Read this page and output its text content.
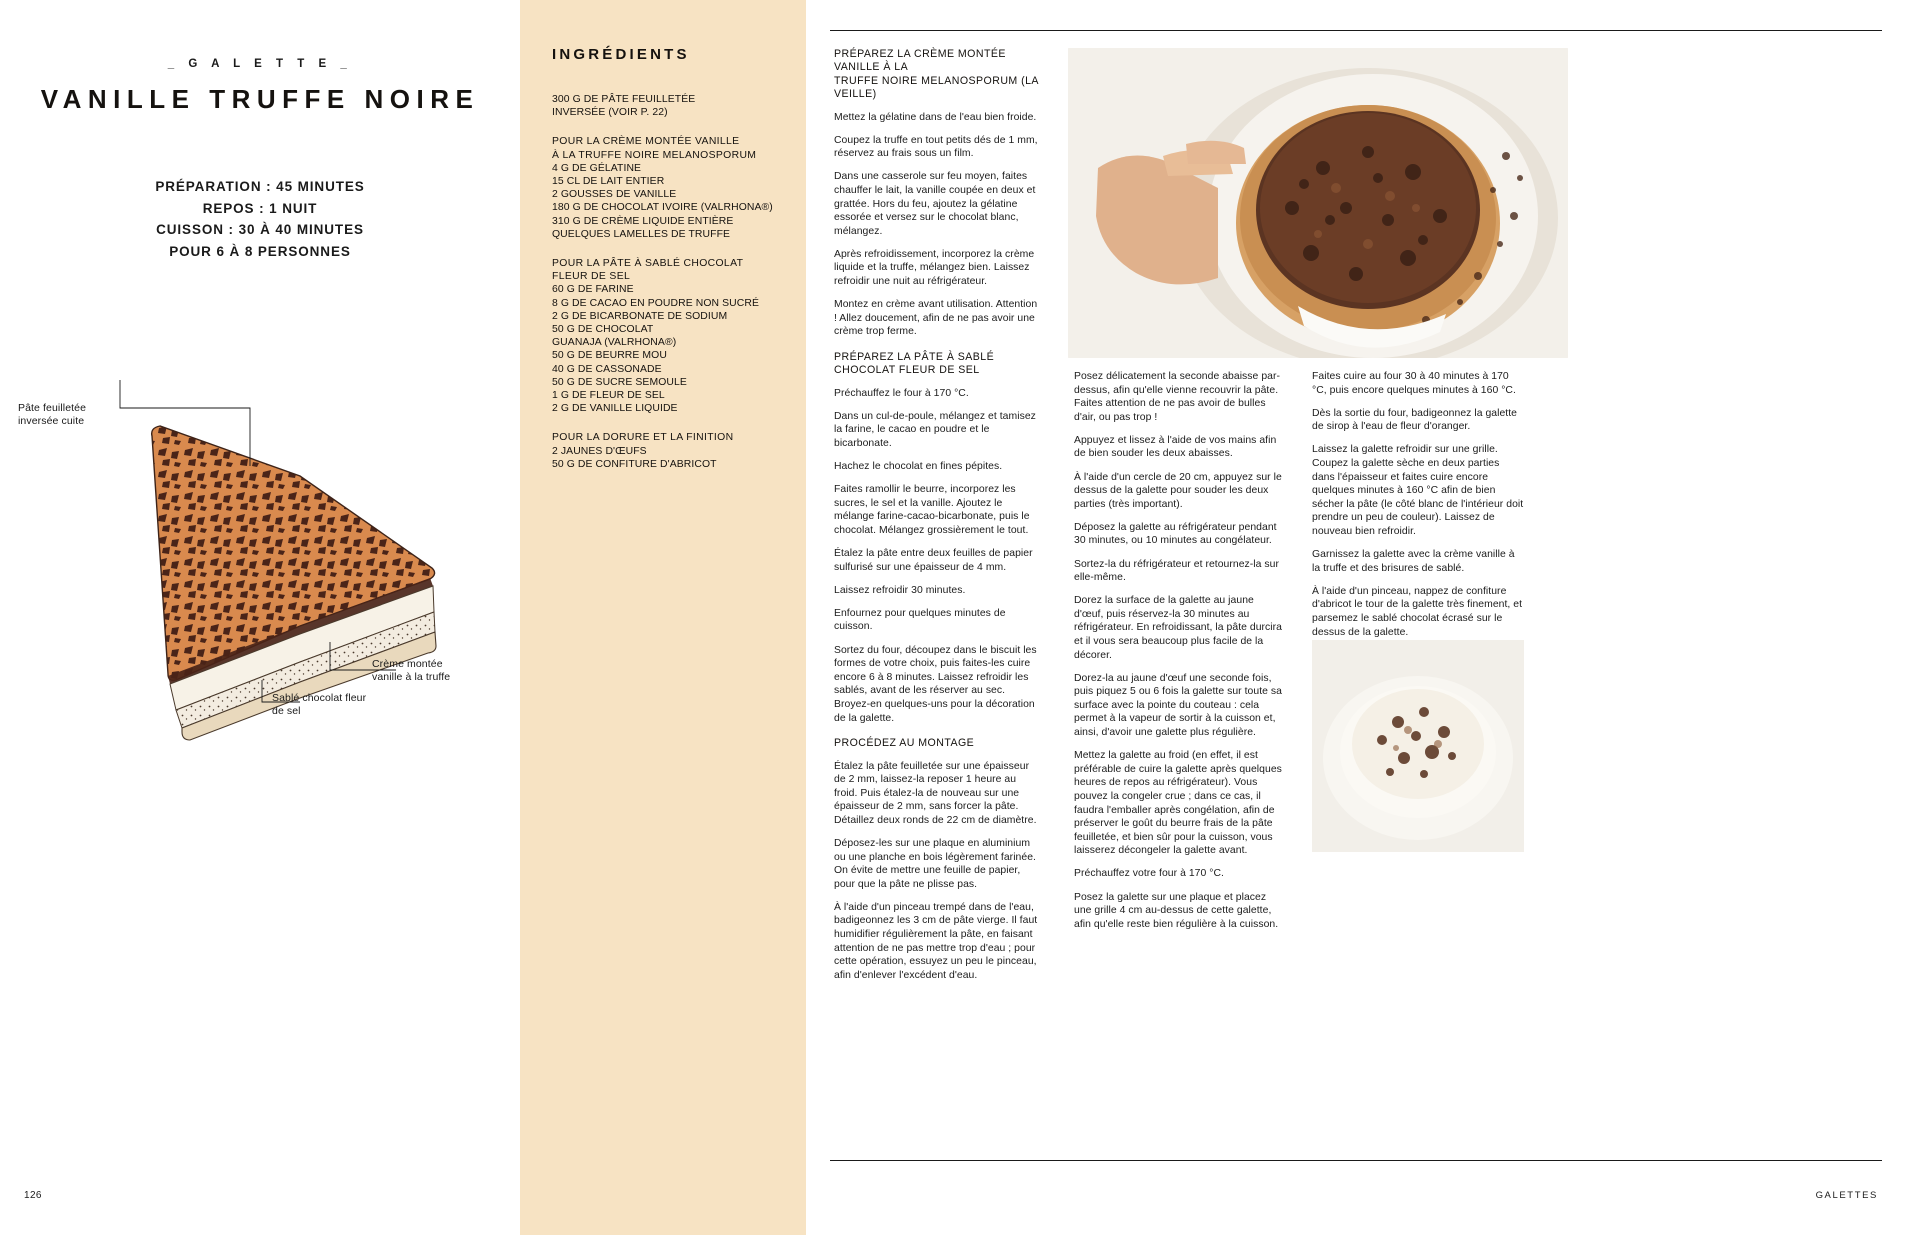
_ G A L E T T E _
VANILLE TRUFFE NOIRE
PRÉPARATION : 45 MINUTES
REPOS : 1 NUIT
CUISSON : 30 À 40 MINUTES
POUR 6 À 8 PERSONNES
Pâte feuilletée
inversée cuite
Crème montée
vanille à la truffe
Sablé chocolat fleur
de sel
126
INGRÉDIENTS
300 G DE PÂTE FEUILLETÉE
INVERSÉE (VOIR P. 22)
POUR LA CRÈME MONTÉE VANILLE
À LA TRUFFE NOIRE MELANOSPORUM
4 G DE GÉLATINE
15 CL DE LAIT ENTIER
2 GOUSSES DE VANILLE
180 G DE CHOCOLAT IVOIRE (VALRHONA®)
310 G DE CRÈME LIQUIDE ENTIÈRE
QUELQUES LAMELLES DE TRUFFE
POUR LA PÂTE À SABLÉ CHOCOLAT
FLEUR DE SEL
60 G DE FARINE
8 G DE CACAO EN POUDRE NON SUCRÉ
2 G DE BICARBONATE DE SODIUM
50 G DE CHOCOLAT
GUANAJA (VALRHONA®)
50 G DE BEURRE MOU
40 G DE CASSONADE
50 G DE SUCRE SEMOULE
1 G DE FLEUR DE SEL
2 G DE VANILLE LIQUIDE
POUR LA DORURE ET LA FINITION
2 JAUNES D'ŒUFS
50 G DE CONFITURE D'ABRICOT
PRÉPAREZ LA CRÈME MONTÉE VANILLE À LA
TRUFFE NOIRE MELANOSPORUM (LA VEILLE)

Mettez la gélatine dans de l'eau bien froide.

Coupez la truffe en tout petits dés de 1 mm, réservez au frais sous un film.

Dans une casserole sur feu moyen, faites chauffer le lait, la vanille coupée en deux et grattée. Hors du feu, ajoutez la gélatine essorée et versez sur le chocolat blanc, mélangez.

Après refroidissement, incorporez la crème liquide et la truffe, mélangez bien. Laissez refroidir une nuit au réfrigérateur.

Montez en crème avant utilisation. Attention ! Allez doucement, afin de ne pas avoir une crème trop ferme.

PRÉPAREZ LA PÂTE À SABLÉ
CHOCOLAT FLEUR DE SEL

Préchauffez le four à 170 °C.

Dans un cul-de-poule, mélangez et tamisez la farine, le cacao en poudre et le bicarbonate.

Hachez le chocolat en fines pépites.

Faites ramollir le beurre, incorporez les sucres, le sel et la vanille. Ajoutez le mélange farine-cacao-bicarbonate, puis le chocolat. Mélangez grossièrement le tout.

Étalez la pâte entre deux feuilles de papier sulfurisé sur une épaisseur de 4 mm.

Laissez refroidir 30 minutes.

Enfournez pour quelques minutes de cuisson.

Sortez du four, découpez dans le biscuit les formes de votre choix, puis faites-les cuire encore 6 à 8 minutes. Laissez refroidir les sablés, avant de les réserver au sec. Broyez-en quelques-uns pour la décoration de la galette.

PROCÉDEZ AU MONTAGE

Étalez la pâte feuilletée sur une épaisseur de 2 mm, laissez-la reposer 1 heure au froid. Puis étalez-la de nouveau sur une épaisseur de 2 mm, sans forcer la pâte. Détaillez deux ronds de 22 cm de diamètre.

Déposez-les sur une plaque en aluminium ou une planche en bois légèrement farinée. On évite de mettre une feuille de papier, pour que la pâte ne plisse pas.

À l'aide d'un pinceau trempé dans de l'eau, badigeonnez les 3 cm de pâte vierge. Il faut humidifier régulièrement la pâte, en faisant attention de ne pas mettre trop d'eau ; pour cette opération, essuyez un peu le pinceau, afin d'enlever l'excédent d'eau.

Posez délicatement la seconde abaisse par-dessus, afin qu'elle vienne recouvrir la pâte. Faites attention de ne pas avoir de bulles d'air, ou pas trop !

Appuyez et lissez à l'aide de vos mains afin de bien souder les deux abaisses.

À l'aide d'un cercle de 20 cm, appuyez sur le dessus de la galette pour souder les deux parties (très important).

Déposez la galette au réfrigérateur pendant 30 minutes, ou 10 minutes au congélateur.

Sortez-la du réfrigérateur et retournez-la sur elle-même.

Dorez la surface de la galette au jaune d'œuf, puis réservez-la 30 minutes au réfrigérateur. En refroidissant, la pâte durcira et il vous sera beaucoup plus facile de la décorer.

Dorez-la au jaune d'œuf une seconde fois, puis piquez 5 ou 6 fois la galette sur toute sa surface avec la pointe du couteau : cela permet à la vapeur de sortir à la cuisson et, ainsi, d'avoir une galette plus régulière.

Mettez la galette au froid (en effet, il est préférable de cuire la galette après quelques heures de repos au réfrigérateur). Vous pouvez la congeler crue ; dans ce cas, il faudra l'emballer après congélation, afin de préserver le goût du beurre frais de la pâte feuilletée, et bien sûr pour la cuisson, vous laisserez décongeler la galette avant.

Préchauffez votre four à 170 °C.

Posez la galette sur une plaque et placez une grille 4 cm au-dessus de cette galette, afin qu'elle reste bien régulière à la cuisson.

Faites cuire au four 30 à 40 minutes à 170 °C, puis encore quelques minutes à 160 °C.

Dès la sortie du four, badigeonnez la galette de sirop à l'eau de fleur d'oranger.

Laissez la galette refroidir sur une grille. Coupez la galette sèche en deux parties dans l'épaisseur et faites cuire encore quelques minutes à 160 °C afin de bien sécher la pâte (le côté blanc de l'intérieur doit prendre un peu de couleur). Laissez de nouveau bien refroidir.

Garnissez la galette avec la crème vanille à la truffe et des brisures de sablé.

À l'aide d'un pinceau, nappez de confiture d'abricot le tour de la galette très finement, et parsemez le sablé chocolat écrasé sur le dessus de la galette.

GALETTES
